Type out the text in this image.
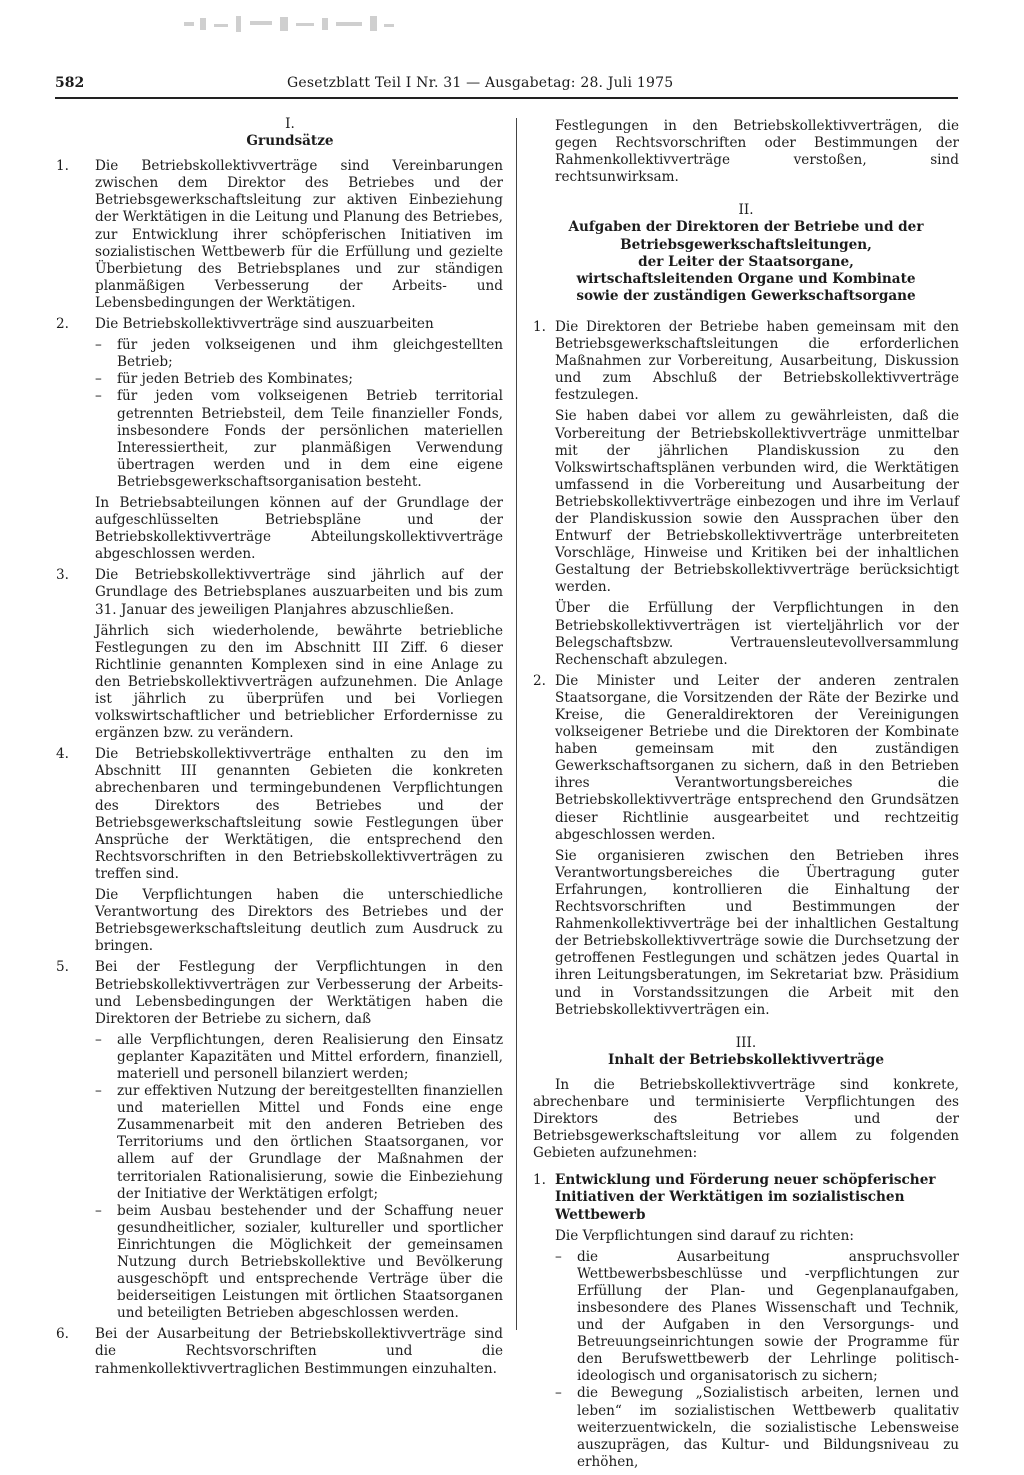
582	Gesetzblatt Teil I Nr. 31 — Ausgabetag: 28. Juli 1975
I.
Grundsätze
1.	Die Betriebskollektivverträge sind Vereinbarungen zwischen dem Direktor des Betriebes und der Betriebsgewerkschaftsleitung zur aktiven Einbeziehung der Werktätigen in die Leitung und Planung des Betriebes, zur Entwicklung ihrer schöpferischen Initiativen im sozialistischen Wettbewerb für die Erfüllung und gezielte Überbietung des Betriebsplanes und zur ständigen planmäßigen Verbesserung der Arbeits- und Lebensbedingungen der Werktätigen.

2.	Die Betriebskollektivverträge sind auszuarbeiten

– für jeden volkseigenen und ihm gleichgestellten Betrieb;
– für jeden Betrieb des Kombinates;
– für jeden vom volkseigenen Betrieb territorial getrennten Betriebsteil, dem Teile finanzieller Fonds, insbesondere Fonds der persönlichen materiellen Interessiertheit, zur planmäßigen Verwendung übertragen werden und in dem eine eigene Betriebsgewerkschaftsorganisation besteht.

In Betriebsabteilungen können auf der Grundlage der aufgeschlüsselten Betriebspläne und der Betriebskollektivverträge Abteilungskollektivverträge abgeschlossen werden.

3.	Die Betriebskollektivverträge sind jährlich auf der Grundlage des Betriebsplanes auszuarbeiten und bis zum 31. Januar des jeweiligen Planjahres abzuschließen.

Jährlich sich wiederholende, bewährte betriebliche Festlegungen zu den im Abschnitt III Ziff. 6 dieser Richtlinie genannten Komplexen sind in eine Anlage zu den Betriebskollektivverträgen aufzunehmen. Die Anlage ist jährlich zu überprüfen und bei Vorliegen volkswirtschaftlicher und betrieblicher Erfordernisse zu ergänzen bzw. zu verändern.

4.	Die Betriebskollektivverträge enthalten zu den im Abschnitt III genannten Gebieten die konkreten abrechenbaren und termingebundenen Verpflichtungen des Direktors des Betriebes und der Betriebsgewerkschaftsleitung sowie Festlegungen über Ansprüche der Werktätigen, die entsprechend den Rechtsvorschriften in den Betriebskollektivverträgen zu treffen sind.

Die Verpflichtungen haben die unterschiedliche Verantwortung des Direktors des Betriebes und der Betriebsgewerkschaftsleitung deutlich zum Ausdruck zu bringen.

5.	Bei der Festlegung der Verpflichtungen in den Betriebskollektivverträgen zur Verbesserung der Arbeits- und Lebensbedingungen der Werktätigen haben die Direktoren der Betriebe zu sichern, daß

– alle Verpflichtungen, deren Realisierung den Einsatz geplanter Kapazitäten und Mittel erfordern, finanziell, materiell und personell bilanziert werden;
– zur effektiven Nutzung der bereitgestellten finanziellen und materiellen Mittel und Fonds eine enge Zusammenarbeit mit den anderen Betrieben des Territoriums und den örtlichen Staatsorganen, vor allem auf der Grundlage der Maßnahmen der territorialen Rationalisierung, sowie die Einbeziehung der Initiative der Werktätigen erfolgt;
– beim Ausbau bestehender und der Schaffung neuer gesundheitlicher, sozialer, kultureller und sportlicher Einrichtungen die Möglichkeit der gemeinsamen Nutzung durch Betriebskollektive und Bevölkerung ausgeschöpft und entsprechende Verträge über die beiderseitigen Leistungen mit örtlichen Staatsorganen und beteiligten Betrieben abgeschlossen werden.
6.	Bei der Ausarbeitung der Betriebskollektivverträge sind die Rechtsvorschriften und die rahmenkollektivvertraglichen Bestimmungen einzuhalten.

Festlegungen in den Betriebskollektivverträgen, die gegen Rechtsvorschriften oder Bestimmungen der Rahmenkollektivverträge verstoßen, sind rechtsunwirksam.

II.
Aufgaben der Direktoren der Betriebe und der
Betriebsgewerkschaftsleitungen,
der Leiter der Staatsorgane,
wirtschaftsleitenden Organe und Kombinate
sowie der zuständigen Gewerkschaftsorgane
1. Die Direktoren der Betriebe haben gemeinsam mit den Betriebsgewerkschaftsleitungen die erforderlichen Maßnahmen zur Vorbereitung, Ausarbeitung, Diskussion und zum Abschluß der Betriebskollektivverträge festzulegen.

Sie haben dabei vor allem zu gewährleisten, daß die Vorbereitung der Betriebskollektivverträge unmittelbar mit der jährlichen Plandiskussion zu den Volkswirtschaftsplänen verbunden wird, die Werktätigen umfassend in die Vorbereitung und Ausarbeitung der Betriebskollektivverträge einbezogen und ihre im Verlauf der Plandiskussion sowie den Aussprachen über den Entwurf der Betriebskollektivverträge unterbreiteten Vorschläge, Hinweise und Kritiken bei der inhaltlichen Gestaltung der Betriebskollektivverträge berücksichtigt werden.

Über die Erfüllung der Verpflichtungen in den Betriebskollektivverträgen ist vierteljährlich vor der Belegschaftsbzw. Vertrauensleutevollversammlung Rechenschaft abzulegen.

2. Die Minister und Leiter der anderen zentralen Staatsorgane, die Vorsitzenden der Räte der Bezirke und Kreise, die Generaldirektoren der Vereinigungen volkseigener Betriebe und die Direktoren der Kombinate haben gemeinsam mit den zuständigen Gewerkschaftsorganen zu sichern, daß in den Betrieben ihres Verantwortungsbereiches die Betriebskollektivverträge entsprechend den Grundsätzen dieser Richtlinie ausgearbeitet und rechtzeitig abgeschlossen werden.

Sie organisieren zwischen den Betrieben ihres Verantwortungsbereiches die Übertragung guter Erfahrungen, kontrollieren die Einhaltung der Rechtsvorschriften und Bestimmungen der Rahmenkollektivverträge bei der inhaltlichen Gestaltung der Betriebskollektivverträge sowie die Durchsetzung der getroffenen Festlegungen und schätzen jedes Quartal in ihren Leitungsberatungen, im Sekretariat bzw. Präsidium und in Vorstandssitzungen die Arbeit mit den Betriebskollektivverträgen ein.

III.
Inhalt der Betriebskollektivverträge

In die Betriebskollektivverträge sind konkrete, abrechenbare und terminisierte Verpflichtungen des Direktors des Betriebes und der Betriebsgewerkschaftsleitung vor allem zu folgenden Gebieten aufzunehmen:

1. Entwicklung und Förderung neuer schöpferischer Initiativen der Werktätigen im sozialistischen Wettbewerb

Die Verpflichtungen sind darauf zu richten:

– die Ausarbeitung anspruchsvoller Wettbewerbsbeschlüsse und -verpflichtungen zur Erfüllung der Plan- und Gegenplanaufgaben, insbesondere des Planes Wissenschaft und Technik, und der Aufgaben in den Versorgungs- und Betreuungseinrichtungen sowie der Programme für den Berufswettbewerb der Lehrlinge politisch-ideologisch und organisatorisch zu sichern;
– die Bewegung „Sozialistisch arbeiten, lernen und leben“ im sozialistischen Wettbewerb qualitativ weiterzuentwickeln, die sozialistische Lebensweise auszuprägen, das Kultur- und Bildungsniveau zu erhöhen,
